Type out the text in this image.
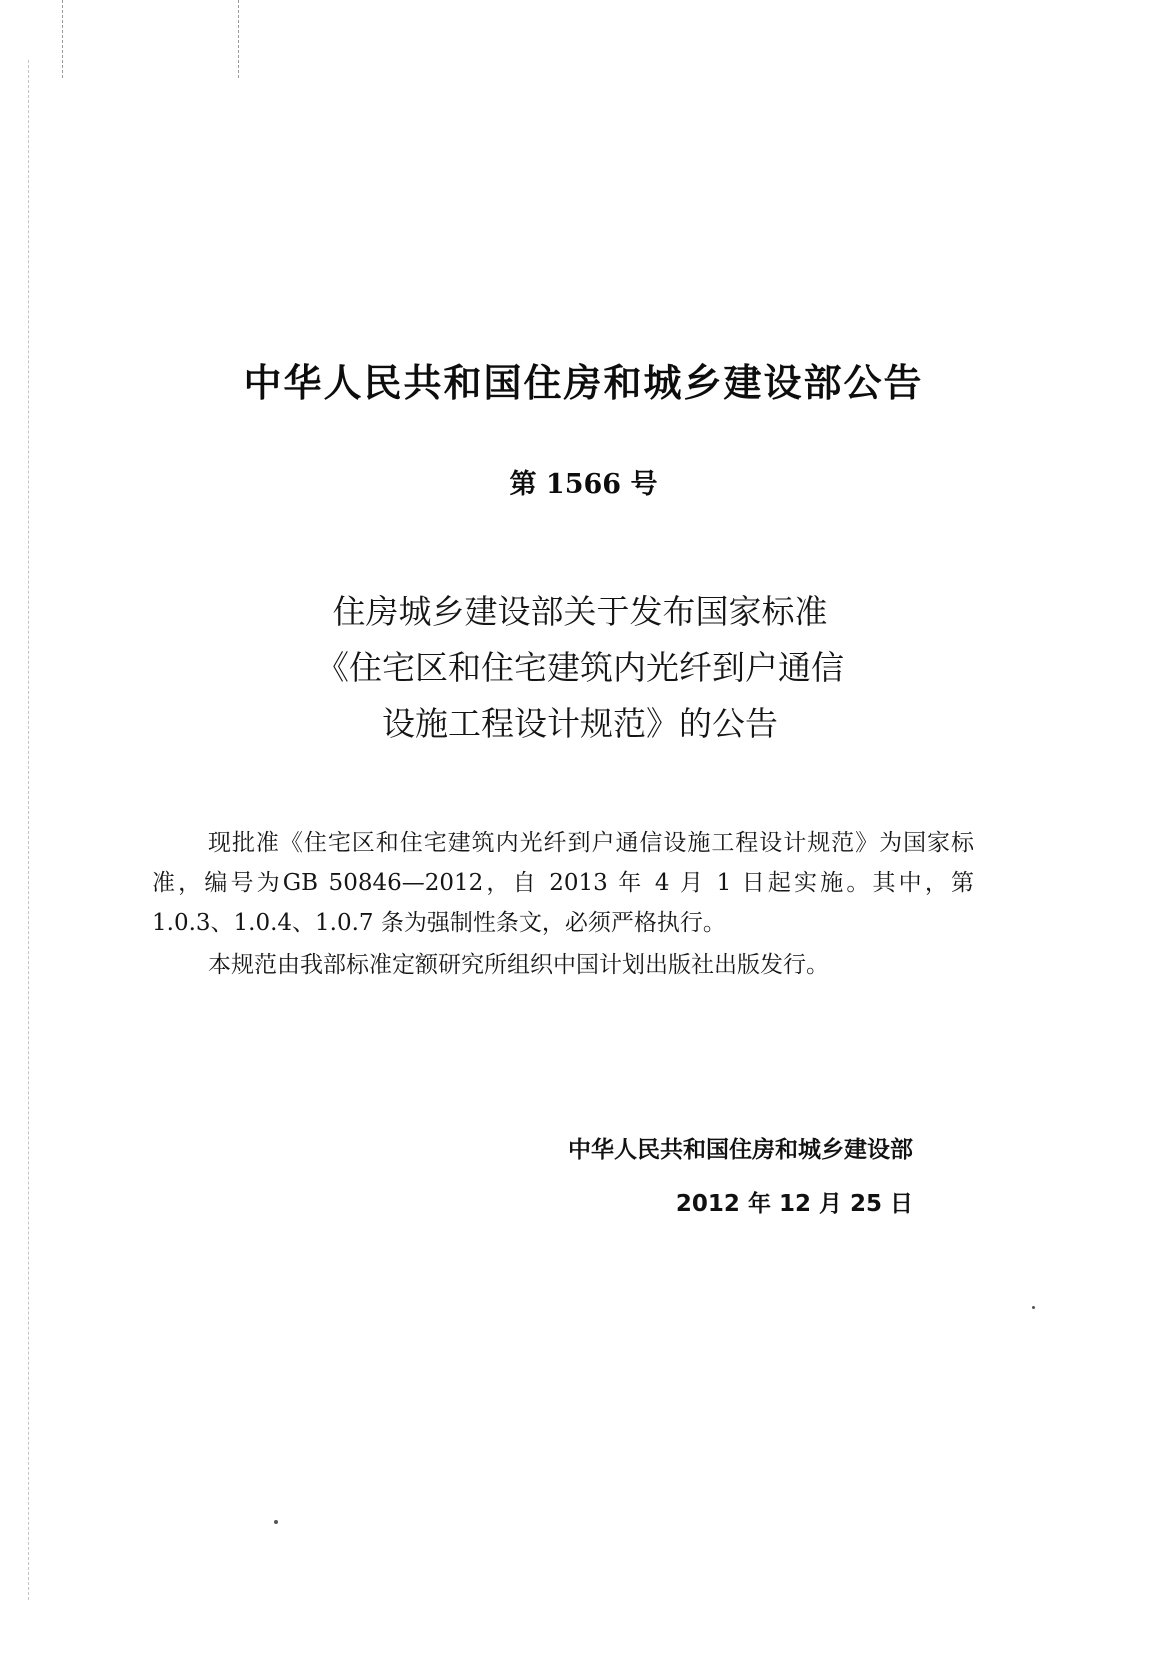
中华人民共和国住房和城乡建设部公告
第 1566 号
住房城乡建设部关于发布国家标准
《住宅区和住宅建筑内光纤到户通信
设施工程设计规范》的公告

现批准《住宅区和住宅建筑内光纤到户通信设施工程设计规范》为国家标准，编号为GB 50846—2012，自 2013 年 4 月 1 日起实施。其中，第 1.0.3、1.0.4、1.0.7 条为强制性条文，必须严格执行。

本规范由我部标准定额研究所组织中国计划出版社出版发行。

中华人民共和国住房和城乡建设部
2012 年 12 月 25 日
